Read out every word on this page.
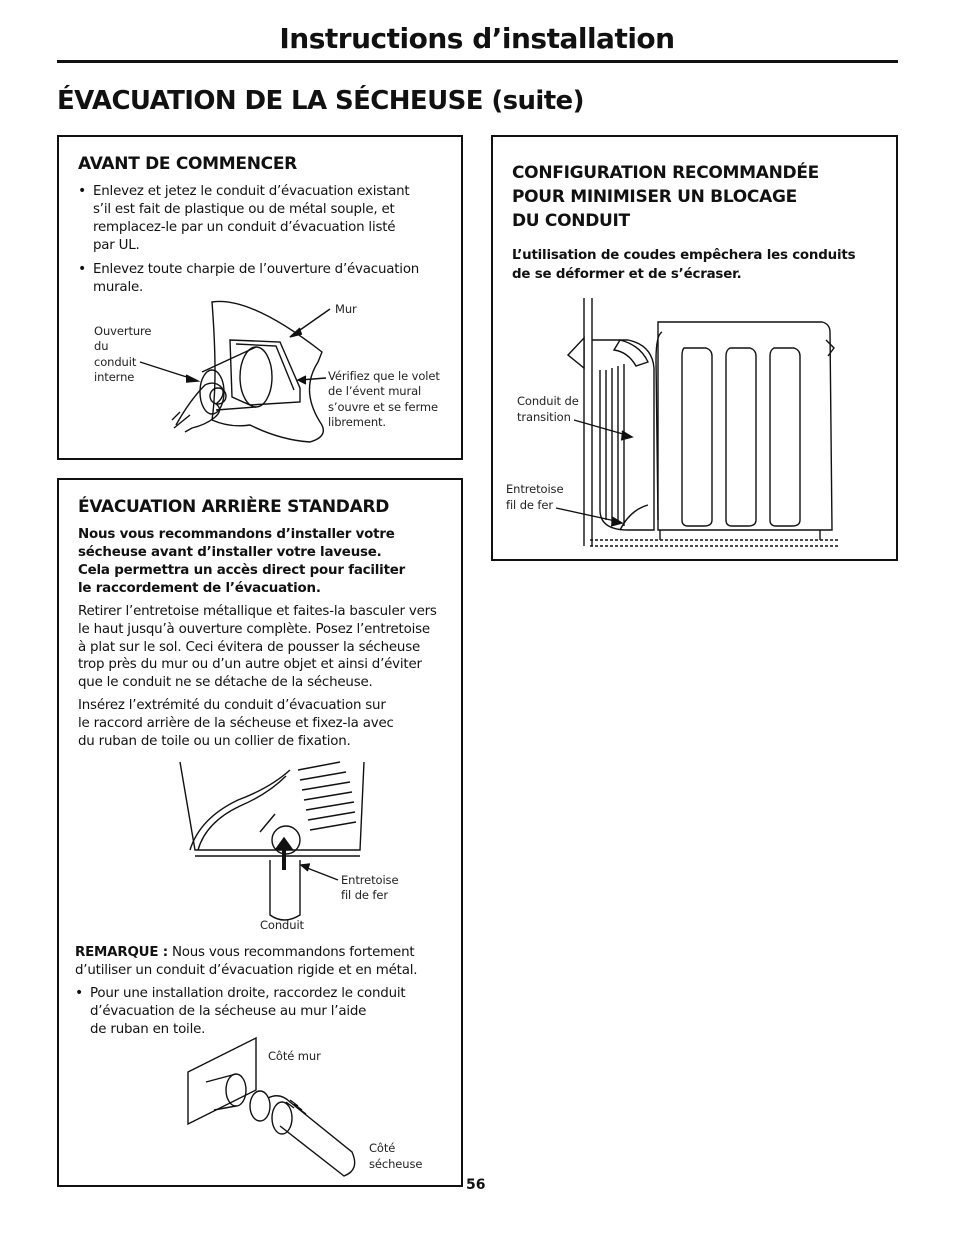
Instructions d’installation
ÉVACUATION DE LA SÉCHEUSE (suite)
AVANT DE COMMENCER
• Enlevez et jetez le conduit d’évacuation existant
s’il est fait de plastique ou de métal souple, et
remplacez-le par un conduit d’évacuation listé
par UL.
• Enlevez toute charpie de l’ouverture d’évacuation
murale.
Mur
Ouverture
du
conduit
interne	Vérifiez que le volet
de l’évent mural
s’ouvre et se ferme
librement.
ÉVACUATION ARRIÈRE STANDARD
Nous vous recommandons d’installer votre
sécheuse avant d’installer votre laveuse.
Cela permettra un accès direct pour faciliter
le raccordement de l’évacuation.
Retirer l’entretoise métallique et faites-la basculer vers
le haut jusqu’à ouverture complète. Posez l’entretoise
à plat sur le sol. Ceci évitera de pousser la sécheuse
trop près du mur ou d’un autre objet et ainsi d’éviter
que le conduit ne se détache de la sécheuse.
Insérez l’extrémité du conduit d’évacuation sur
le raccord arrière de la sécheuse et fixez-la avec
du ruban de toile ou un collier de fixation.
Entretoise
fil de fer
Conduit
REMARQUE : Nous vous recommandons fortement
d’utiliser un conduit d’évacuation rigide et en métal.
• Pour une installation droite, raccordez le conduit
d’évacuation de la sécheuse au mur l’aide
de ruban en toile.
Côté mur
Côté
sécheuse
CONFIGURATION RECOMMANDÉE
POUR MINIMISER UN BLOCAGE
DU CONDUIT
L’utilisation de coudes empêchera les conduits
de se déformer et de s’écraser.
Conduit de
transition
Entretoise
fil de fer
56
